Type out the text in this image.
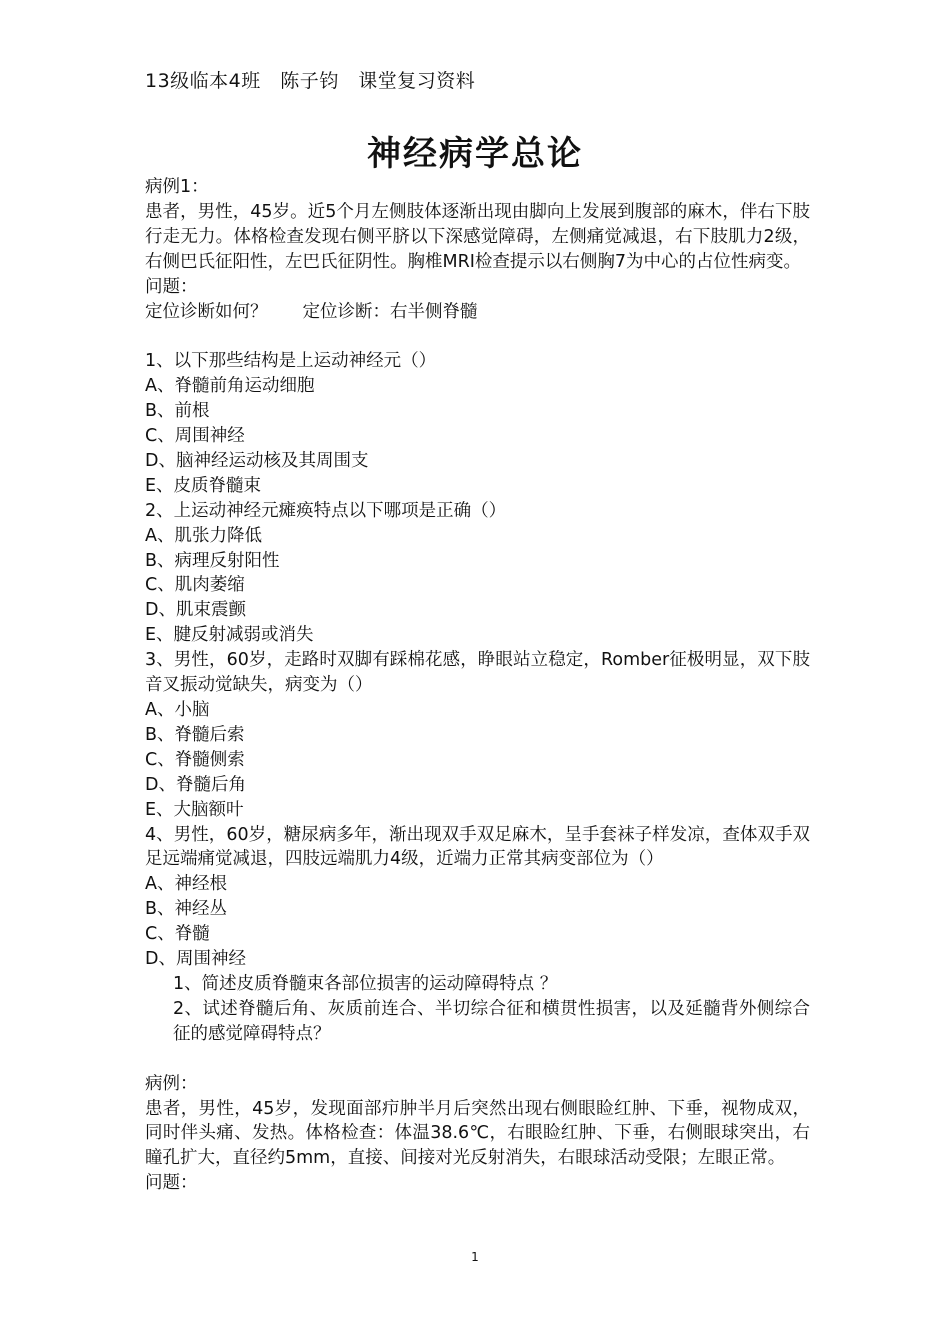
13级临本4班　陈子钧　课堂复习资料
神经病学总论

病例1：

患者，男性，45岁。近5个月左侧肢体逐渐出现由脚向上发展到腹部的麻木，伴右下肢行走无力。体格检查发现右侧平脐以下深感觉障碍，左侧痛觉减退，右下肢肌力2级，右侧巴氏征阳性，左巴氏征阴性。胸椎MRI检查提示以右侧胸7为中心的占位性病变。

问题：

定位诊断如何？　　定位诊断：右半侧脊髓

1、以下那些结构是上运动神经元（）

A、脊髓前角运动细胞

B、前根

C、周围神经

D、脑神经运动核及其周围支

E、皮质脊髓束

2、上运动神经元瘫痪特点以下哪项是正确（）

A、肌张力降低

B、病理反射阳性

C、肌肉萎缩

D、肌束震颤

E、腱反射减弱或消失

3、男性，60岁，走路时双脚有踩棉花感，睁眼站立稳定，Romber征极明显，双下肢音叉振动觉缺失，病变为（）

A、小脑

B、脊髓后索

C、脊髓侧索

D、脊髓后角

E、大脑额叶

4、男性，60岁，糖尿病多年，渐出现双手双足麻木，呈手套袜子样发凉，查体双手双足远端痛觉减退，四肢远端肌力4级，近端力正常其病变部位为（）

A、神经根

B、神经丛

C、脊髓

D、周围神经

1、简述皮质脊髓束各部位损害的运动障碍特点 ？

2、试述脊髓后角、灰质前连合、半切综合征和横贯性损害，以及延髓背外侧综合征的感觉障碍特点？

病例：

患者，男性，45岁，发现面部疖肿半月后突然出现右侧眼睑红肿、下垂，视物成双，同时伴头痛、发热。体格检查：体温38.6℃，右眼睑红肿、下垂，右侧眼球突出，右瞳孔扩大，直径约5mm，直接、间接对光反射消失，右眼球活动受限；左眼正常。

问题：

1
